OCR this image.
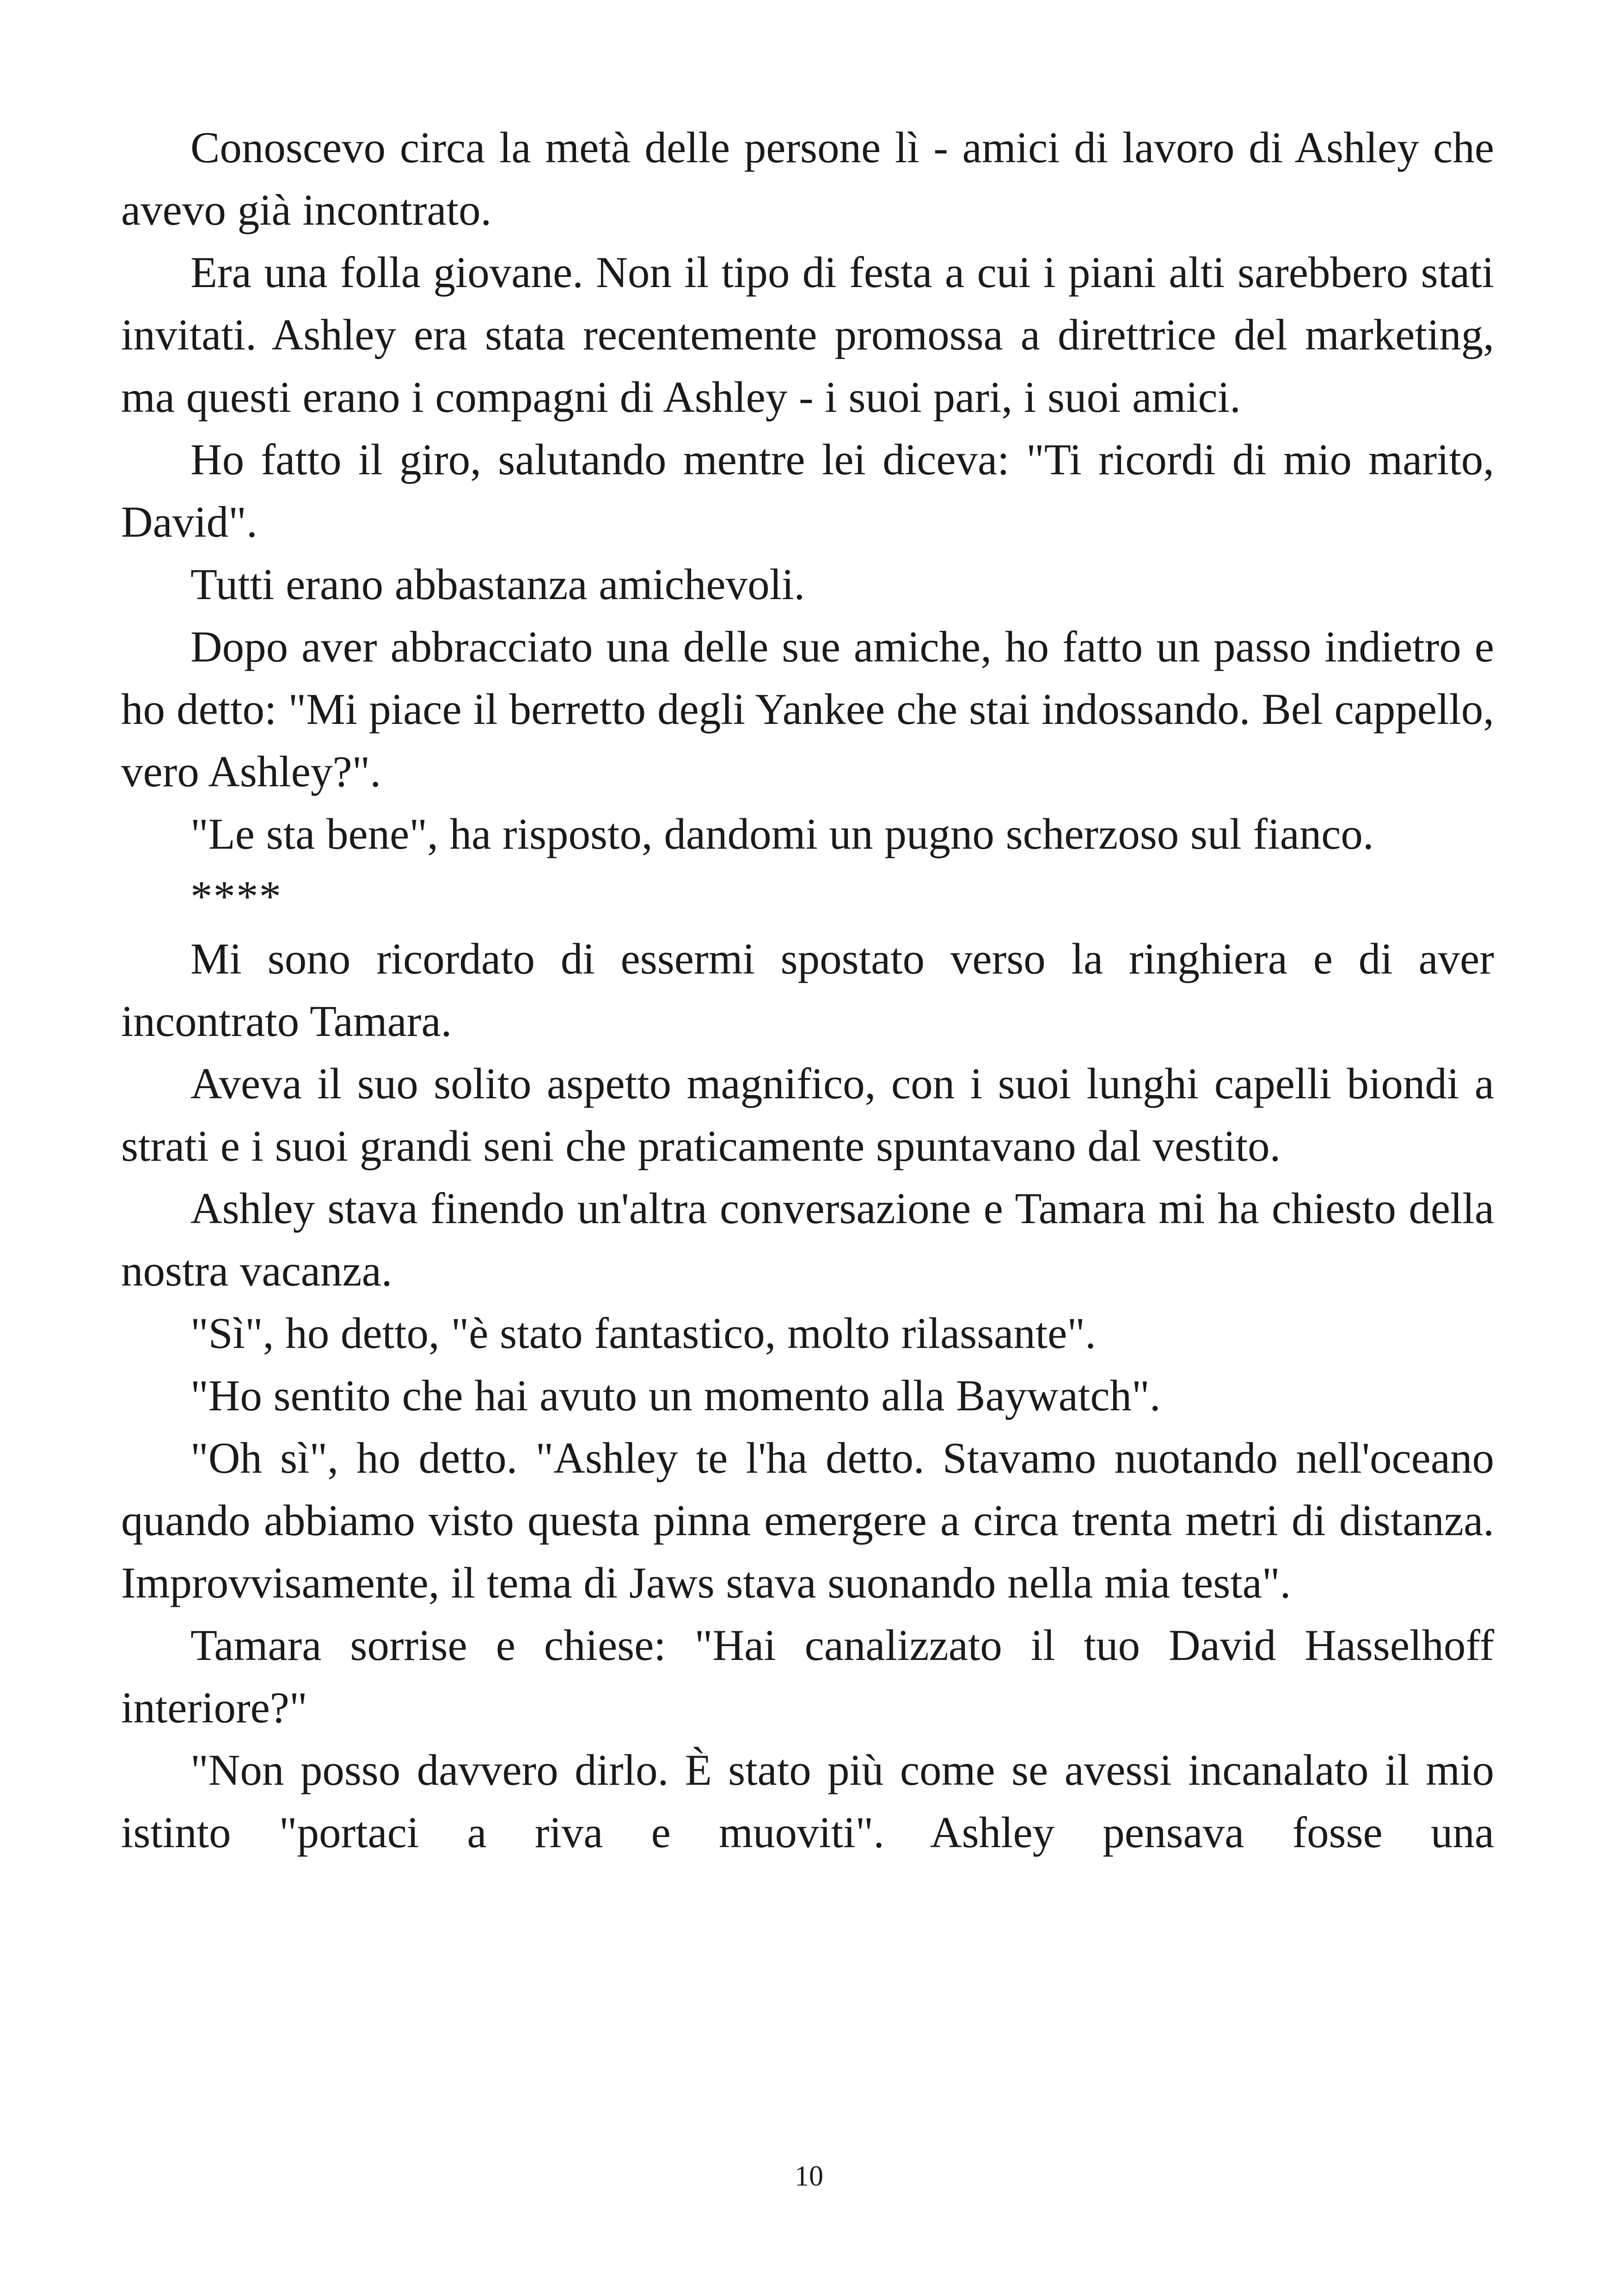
Conoscevo circa la metà delle persone lì - amici di lavoro di Ashley che avevo già incontrato.

Era una folla giovane. Non il tipo di festa a cui i piani alti sarebbero stati invitati. Ashley era stata recentemente promossa a direttrice del marketing, ma questi erano i compagni di Ashley - i suoi pari, i suoi amici.

Ho fatto il giro, salutando mentre lei diceva: "Ti ricordi di mio marito, David".

Tutti erano abbastanza amichevoli.

Dopo aver abbracciato una delle sue amiche, ho fatto un passo indietro e ho detto: "Mi piace il berretto degli Yankee che stai indossando. Bel cappello, vero Ashley?".

"Le sta bene", ha risposto, dandomi un pugno scherzoso sul fianco.

****

Mi sono ricordato di essermi spostato verso la ringhiera e di aver incontrato Tamara.

Aveva il suo solito aspetto magnifico, con i suoi lunghi capelli biondi a strati e i suoi grandi seni che praticamente spuntavano dal vestito.

Ashley stava finendo un'altra conversazione e Tamara mi ha chiesto della nostra vacanza.

"Sì", ho detto, "è stato fantastico, molto rilassante".

"Ho sentito che hai avuto un momento alla Baywatch".

"Oh sì", ho detto. "Ashley te l'ha detto. Stavamo nuotando nell'oceano quando abbiamo visto questa pinna emergere a circa trenta metri di distanza. Improvvisamente, il tema di Jaws stava suonando nella mia testa".

Tamara sorrise e chiese: "Hai canalizzato il tuo David Hasselhoff interiore?"

"Non posso davvero dirlo. È stato più come se avessi incanalato il mio istinto "portaci a riva e muoviti". Ashley pensava fosse una

10
